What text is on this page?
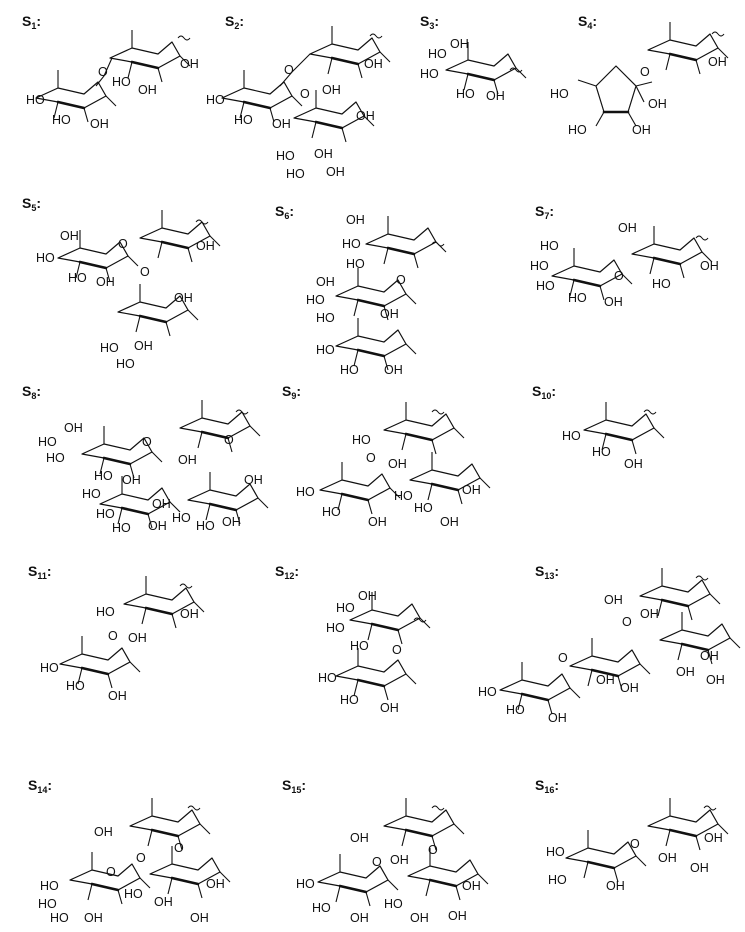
$S_1$:
O
OH
HO
OH
HO
HO OH
$S_2$:
O	OH
OH
O
HO
HO OH
OH
HO OH
HO OH
$S_3$:
OH
HO
HO
HO OH
$S_4$:
O
OH
HO
OH
HO	OH
$S_5$:
OH
O	OH
HO
O
HO OH
OH
HO OH
HO
$S_6$:
OH
HO
HO
O
OH
HO
HO	OH
HO
HO OH
$S_7$:
OH
HO
OH
HO
O
HO	HO
HO OH
$S_8$:
OH
O
HO
HO	OH
O
HO OH	OH
HO
HO
OH
HO
HO OH HO OH
$S_9$:
HO
O OH
HO	HO	OH
HO
OH
HO
OH
$S_{10}$:
HO
HO
OH
$S_{11}$:
HO	OH
O OH
HO
HO
OH
$S_{12}$:
OH
HO
HO
HO O
HO
HO
OH
$S_{13}$:
OH
O
OH
O	OH
OH
OH
OH
OH
HO
HO
OH
$S_{14}$:
OH
O
O
HO
O
HO
OH
HO	OH
HO OH	OH
$S_{15}$:
OH
O
O
OH
HO	OH
HO	HO
OH	OH OH
$S_{16}$:
O	OH
OH
HO
OH
HO	OH
